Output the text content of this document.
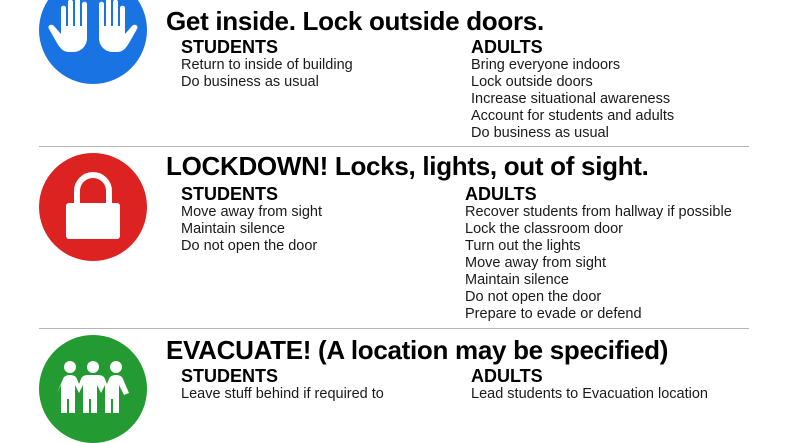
Get inside. Lock outside doors.

STUDENTS

Return to inside of building
Do business as usual

ADULTS

Bring everyone indoors
Lock outside doors
Increase situational awareness
Account for students and adults
Do business as usual
LOCKDOWN! Locks, lights, out of sight.

STUDENTS

Move away from sight
Maintain silence
Do not open the door

ADULTS

Recover students from hallway if possible
Lock the classroom door
Turn out the lights
Move away from sight
Maintain silence
Do not open the door
Prepare to evade or defend
EVACUATE! (A location may be specified)

STUDENTS

Leave stuff behind if required to

ADULTS

Lead students to Evacuation location
